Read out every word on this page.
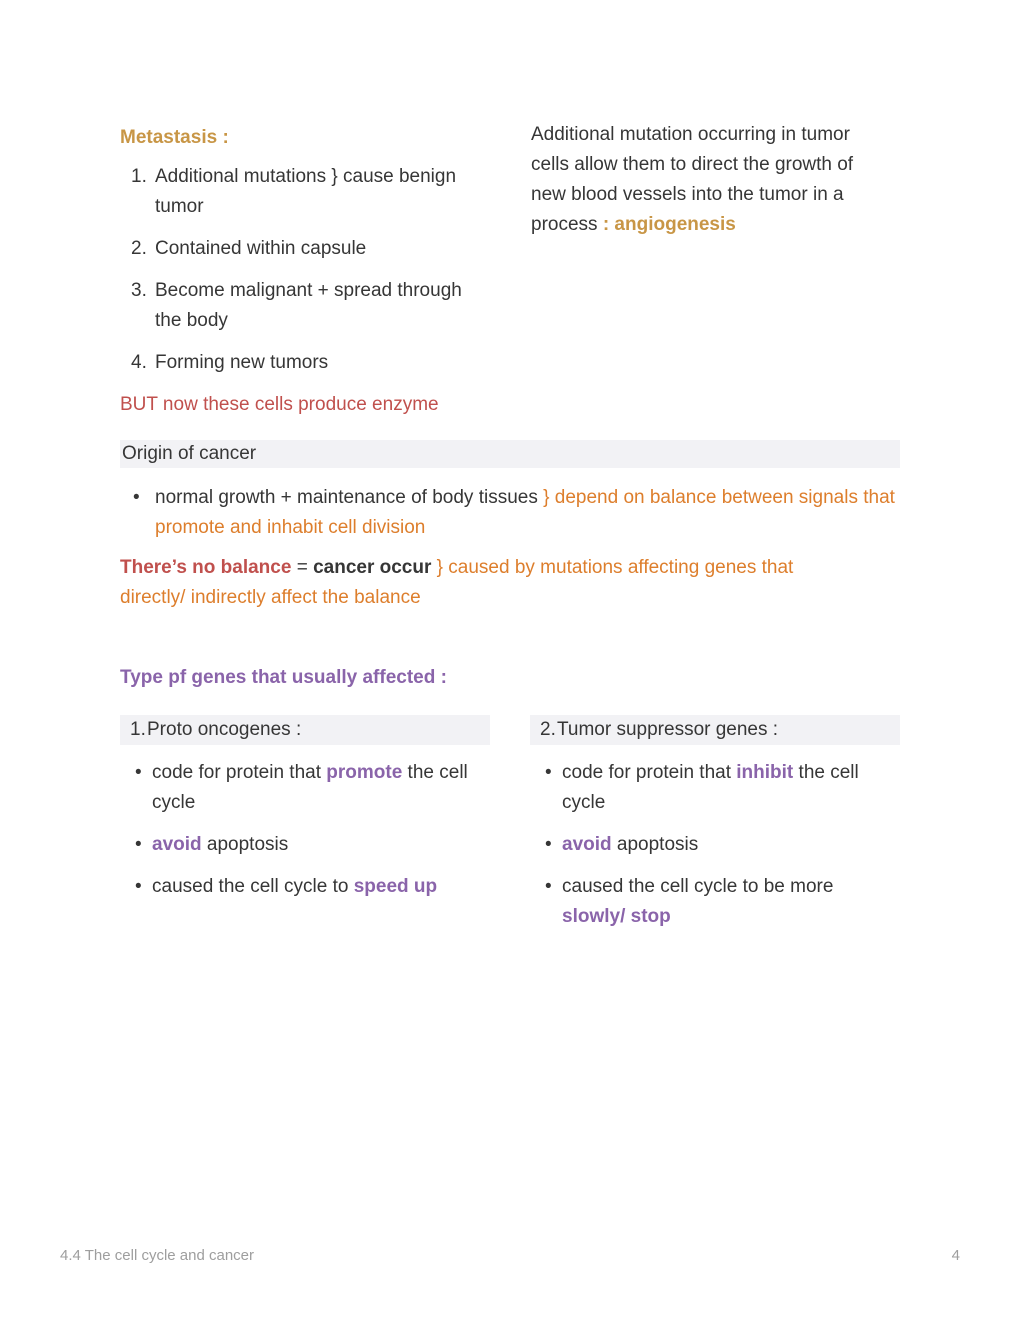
Metastasis :	Additional mutation occurring in tumor cells allow them to direct the growth of new blood vessels into the tumor in a process : angiogenesis
1. Additional mutations } cause benign tumor
2. Contained within capsule
3. Become malignant + spread through the body
4. Forming new tumors
BUT now these cells produce enzyme
Origin of cancer
•
normal growth + maintenance of body tissues } depend on balance between signals that promote and inhabit cell division
There’s no balance = cancer occur } caused by mutations affecting genes that directly/ indirectly affect the balance
Type pf genes that usually affected :
1. Proto oncogenes :
•
code for protein that promote the cell cycle
•
avoid apoptosis
•
caused the cell cycle to speed up
2. Tumor suppressor genes :
•
code for protein that inhibit the cell cycle
•
avoid apoptosis
•
caused the cell cycle to be more slowly/ stop
4.4 The cell cycle and cancer	4
